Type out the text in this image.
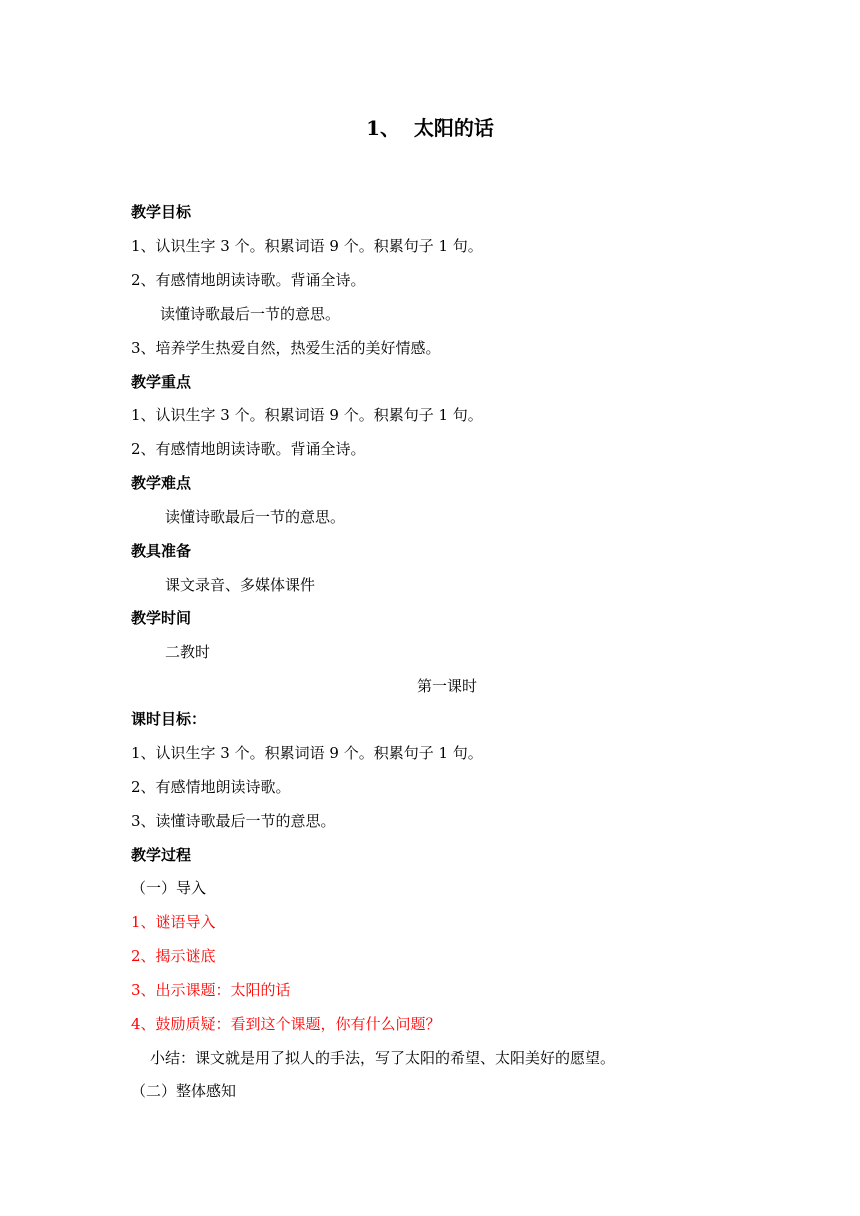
1、  太阳的话
教学目标
1、认识生字 3 个。积累词语 9 个。积累句子 1 句。
2、有感情地朗读诗歌。背诵全诗。
读懂诗歌最后一节的意思。
3、培养学生热爱自然，热爱生活的美好情感。
教学重点
1、认识生字 3 个。积累词语 9 个。积累句子 1 句。
2、有感情地朗读诗歌。背诵全诗。
教学难点
读懂诗歌最后一节的意思。
教具准备
课文录音、多媒体课件
教学时间
二教时
第一课时
课时目标：
1、认识生字 3 个。积累词语 9 个。积累句子 1 句。
2、有感情地朗读诗歌。
3、读懂诗歌最后一节的意思。
教学过程
（一）导入
1、谜语导入
2、揭示谜底
3、出示课题：太阳的话
4、鼓励质疑：看到这个课题，你有什么问题？
小结：课文就是用了拟人的手法，写了太阳的希望、太阳美好的愿望。
（二）整体感知
